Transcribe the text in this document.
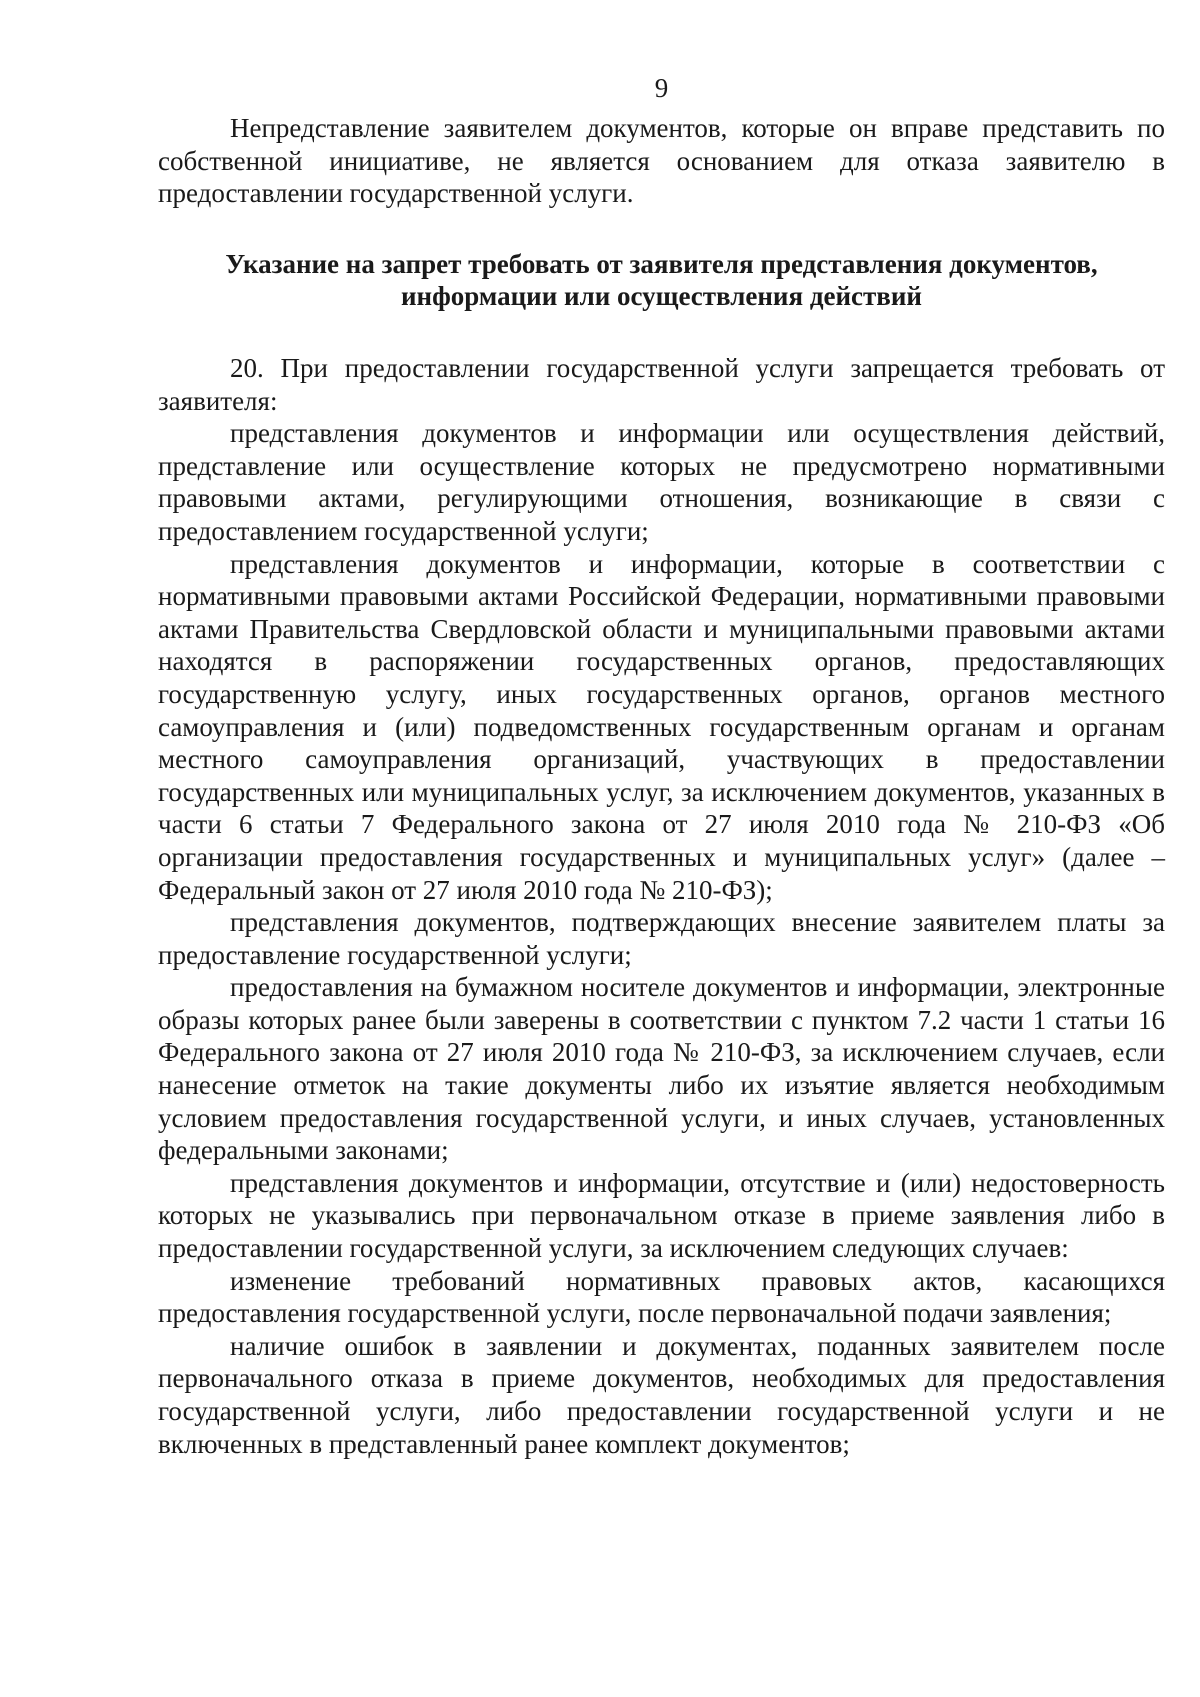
9

Непредставление заявителем документов, которые он вправе представить по собственной инициативе, не является основанием для отказа заявителю в предоставлении государственной услуги.

Указание на запрет требовать от заявителя представления документов,
информации или осуществления действий

20. При предоставлении государственной услуги запрещается требовать от заявителя:

представления документов и информации или осуществления действий, представление или осуществление которых не предусмотрено нормативными правовыми актами, регулирующими отношения, возникающие в связи с предоставлением государственной услуги;

представления документов и информации, которые в соответствии с нормативными правовыми актами Российской Федерации, нормативными правовыми актами Правительства Свердловской области и муниципальными правовыми актами находятся в распоряжении государственных органов, предоставляющих государственную услугу, иных государственных органов, органов местного самоуправления и (или) подведомственных государственным органам и органам местного самоуправления организаций, участвующих в предоставлении государственных или муниципальных услуг, за исключением документов, указанных в части 6 статьи 7 Федерального закона от 27 июля 2010 года № 210-ФЗ «Об организации предоставления государственных и муниципальных услуг» (далее – Федеральный закон от 27 июля 2010 года № 210-ФЗ);

представления документов, подтверждающих внесение заявителем платы за предоставление государственной услуги;

предоставления на бумажном носителе документов и информации, электронные образы которых ранее были заверены в соответствии с пунктом 7.2 части 1 статьи 16 Федерального закона от 27 июля 2010 года № 210-ФЗ, за исключением случаев, если нанесение отметок на такие документы либо их изъятие является необходимым условием предоставления государственной услуги, и иных случаев, установленных федеральными законами;

представления документов и информации, отсутствие и (или) недостоверность которых не указывались при первоначальном отказе в приеме заявления либо в предоставлении государственной услуги, за исключением следующих случаев:

изменение требований нормативных правовых актов, касающихся предоставления государственной услуги, после первоначальной подачи заявления;

наличие ошибок в заявлении и документах, поданных заявителем после первоначального отказа в приеме документов, необходимых для предоставления государственной услуги, либо предоставлении государственной услуги и не включенных в представленный ранее комплект документов;
